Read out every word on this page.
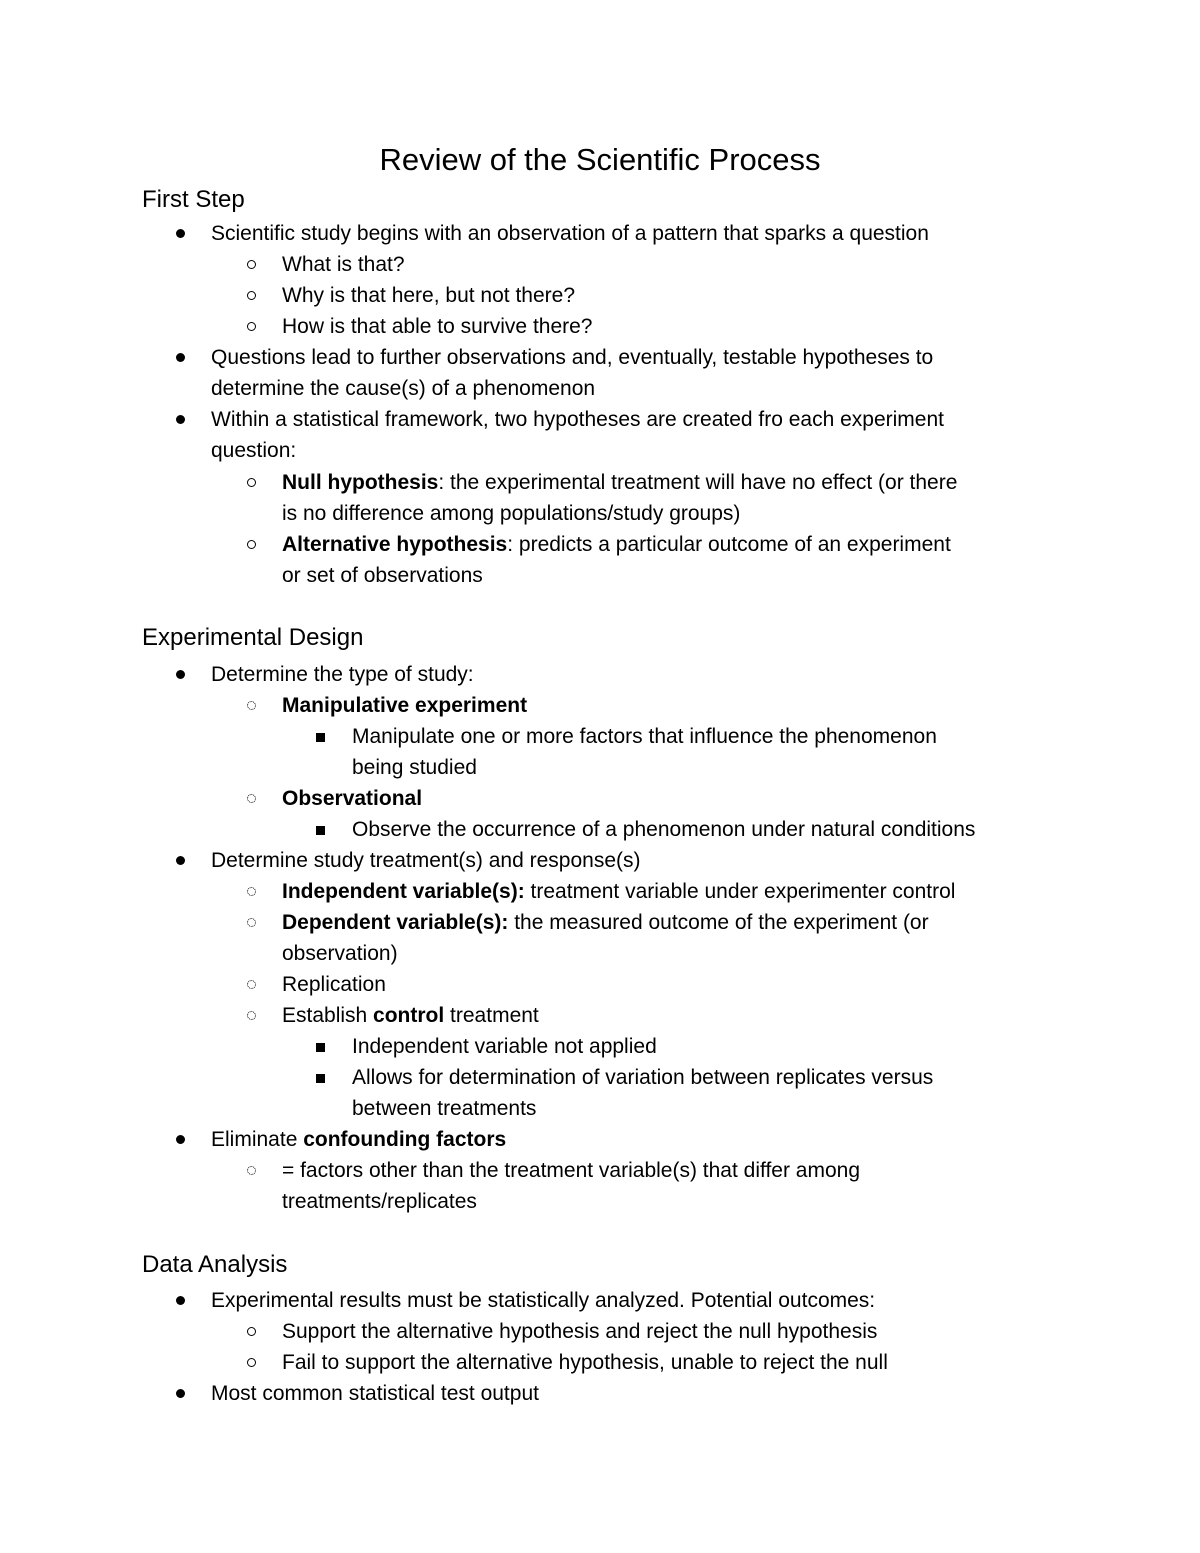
Review of the Scientific Process
First Step
Scientific study begins with an observation of a pattern that sparks a question
What is that?
Why is that here, but not there?
How is that able to survive there?
Questions lead to further observations and, eventually, testable hypotheses to
determine the cause(s) of a phenomenon
Within a statistical framework, two hypotheses are created fro each experiment
question:
Null hypothesis: the experimental treatment will have no effect (or there
is no difference among populations/study groups)
Alternative hypothesis: predicts a particular outcome of an experiment
or set of observations
Experimental Design
Determine the type of study:
Manipulative experiment
Manipulate one or more factors that influence the phenomenon
being studied
Observational
Observe the occurrence of a phenomenon under natural conditions
Determine study treatment(s) and response(s)
Independent variable(s): treatment variable under experimenter control
Dependent variable(s): the measured outcome of the experiment (or
observation)
Replication
Establish control treatment
Independent variable not applied
Allows for determination of variation between replicates versus
between treatments
Eliminate confounding factors
= factors other than the treatment variable(s) that differ among
treatments/replicates
Data Analysis
Experimental results must be statistically analyzed. Potential outcomes:
Support the alternative hypothesis and reject the null hypothesis
Fail to support the alternative hypothesis, unable to reject the null
Most common statistical test output
